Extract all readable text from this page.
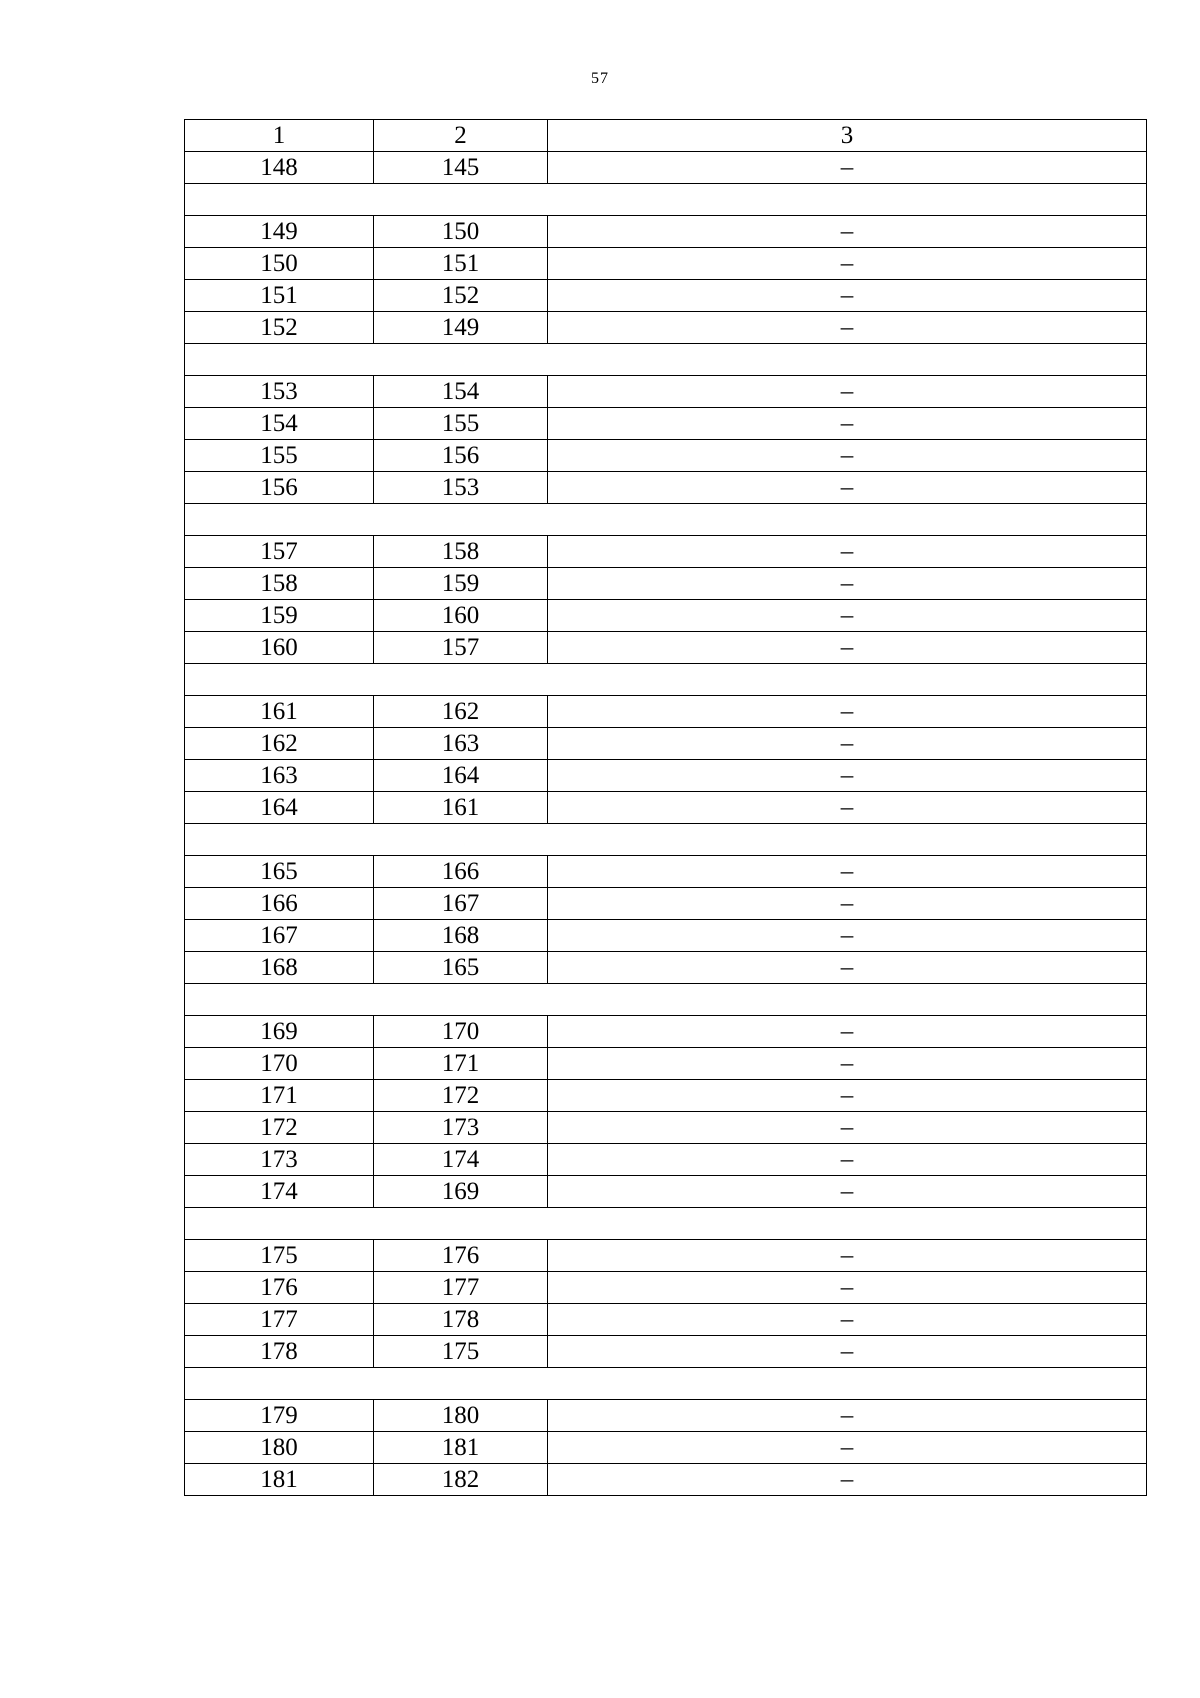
57
1	2	3
148	145	–

149	150	–
150	151	–
151	152	–
152	149	–

153	154	–
154	155	–
155	156	–
156	153	–

157	158	–
158	159	–
159	160	–
160	157	–

161	162	–
162	163	–
163	164	–
164	161	–

165	166	–
166	167	–
167	168	–
168	165	–

169	170	–
170	171	–
171	172	–
172	173	–
173	174	–
174	169	–

175	176	–
176	177	–
177	178	–
178	175	–

179	180	–
180	181	–
181	182	–
